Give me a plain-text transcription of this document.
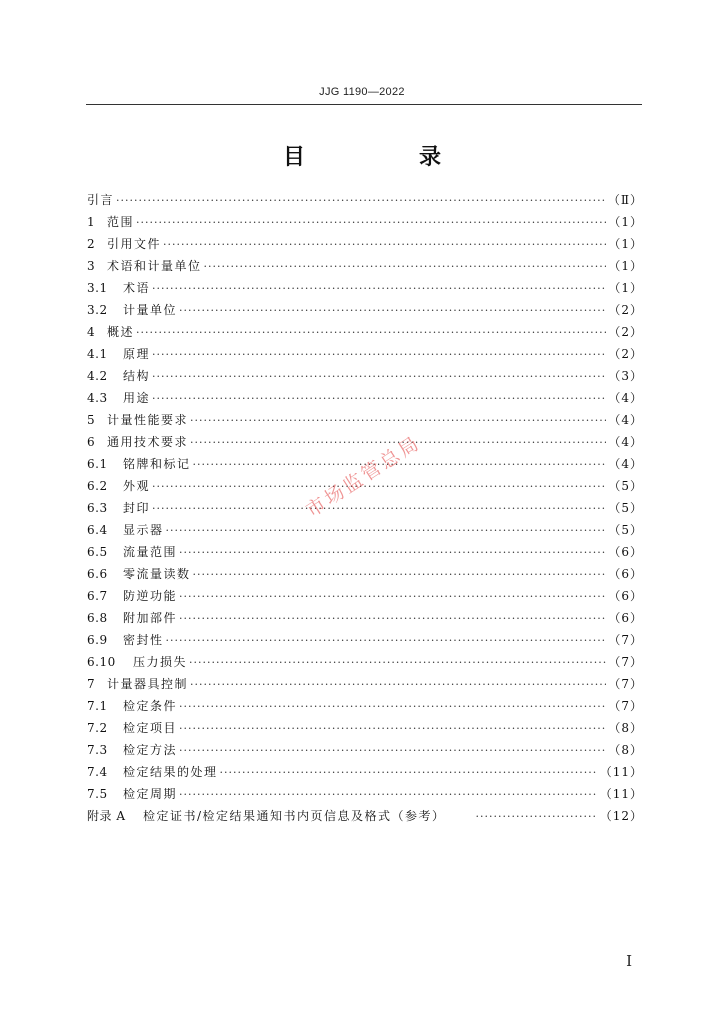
JJG 1190—2022
目　录
引言 ·····	（Ⅱ）
1 范围 ·····	（1）
2 引用文件 ·····	（1）
3 术语和计量单位 ·····	（1）
3.1	术语 ·····	（1）
3.2	计量单位 ·····	（2）
4 概述 ·····	（2）
4.1	原理 ·····	（2）
4.2	结构 ·····	（3）
4.3	用途 ·····	（4）
5 计量性能要求 ·····	（4）
6 通用技术要求 ·····	（4）
6.1	铭牌和标记 ·····	（4）
6.2	外观 ·····	（5）
6.3	封印 ·····	（5）
6.4	显示器 ·····	（5）
6.5	流量范围 ·····	（6）
6.6	零流量读数 ·····	（6）
6.7	防逆功能 ·····	（6）
6.8	附加部件 ·····	（6）
6.9	密封性 ·····	（7）
6.10	压力损失 ·····	（7）
7 计量器具控制 ·····	（7）
7.1	检定条件 ·····	（7）
7.2	检定项目 ·····	（8）
7.3	检定方法 ·····	（8）
7.4	检定结果的处理 ·····	（11）
7.5	检定周期 ·····	（11）
附录 A	检定证书/检定结果通知书内页信息及格式（参考） ·····	（12）
市场监管总局
Ⅰ
